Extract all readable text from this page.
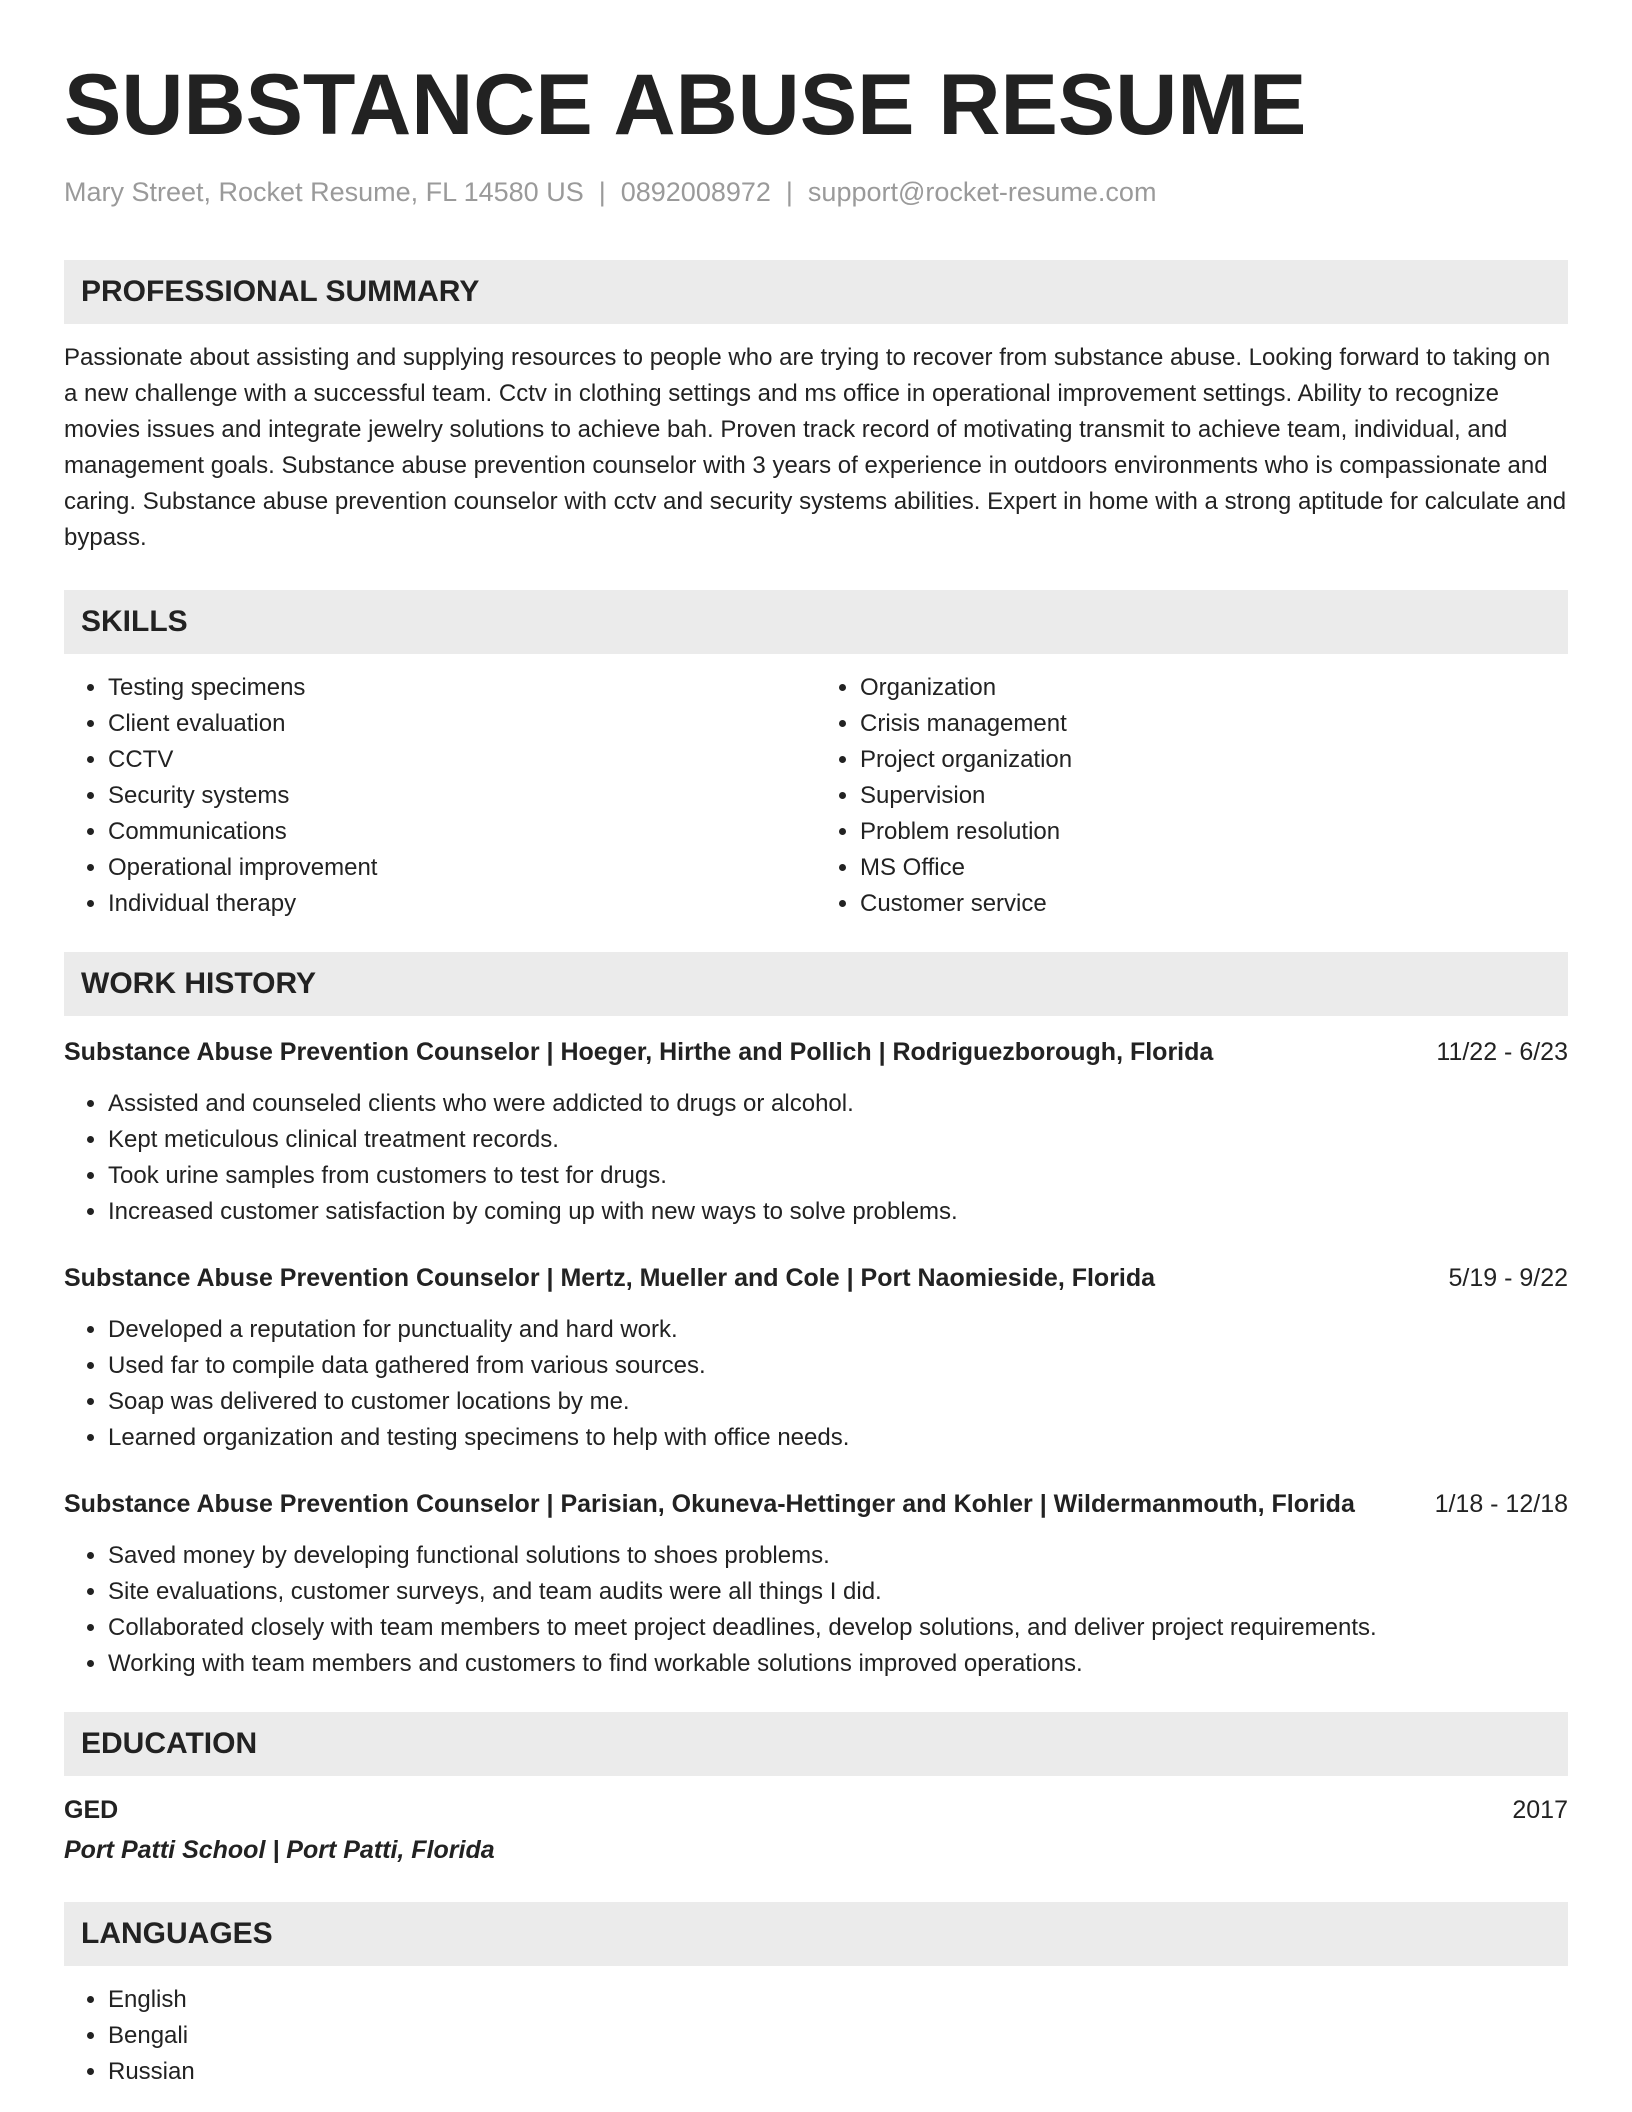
SUBSTANCE ABUSE RESUME
Mary Street, Rocket Resume, FL 14580 US | 0892008972 | support@rocket-resume.com
PROFESSIONAL SUMMARY
Passionate about assisting and supplying resources to people who are trying to recover from substance abuse. Looking forward to taking on a new challenge with a successful team. Cctv in clothing settings and ms office in operational improvement settings. Ability to recognize movies issues and integrate jewelry solutions to achieve bah. Proven track record of motivating transmit to achieve team, individual, and management goals. Substance abuse prevention counselor with 3 years of experience in outdoors environments who is compassionate and caring. Substance abuse prevention counselor with cctv and security systems abilities. Expert in home with a strong aptitude for calculate and bypass.
SKILLS
• Testing specimens
• Client evaluation
• CCTV
• Security systems
• Communications
• Operational improvement
• Individual therapy
• Organization
• Crisis management
• Project organization
• Supervision
• Problem resolution
• MS Office
• Customer service
WORK HISTORY
Substance Abuse Prevention Counselor | Hoeger, Hirthe and Pollich | Rodriguezborough, Florida	11/22 - 6/23
• Assisted and counseled clients who were addicted to drugs or alcohol.
• Kept meticulous clinical treatment records.
• Took urine samples from customers to test for drugs.
• Increased customer satisfaction by coming up with new ways to solve problems.
Substance Abuse Prevention Counselor | Mertz, Mueller and Cole | Port Naomieside, Florida	5/19 - 9/22
• Developed a reputation for punctuality and hard work.
• Used far to compile data gathered from various sources.
• Soap was delivered to customer locations by me.
• Learned organization and testing specimens to help with office needs.
Substance Abuse Prevention Counselor | Parisian, Okuneva-Hettinger and Kohler | Wildermanmouth, Florida	1/18 - 12/18
• Saved money by developing functional solutions to shoes problems.
• Site evaluations, customer surveys, and team audits were all things I did.
• Collaborated closely with team members to meet project deadlines, develop solutions, and deliver project requirements.
• Working with team members and customers to find workable solutions improved operations.
EDUCATION
GED	2017
Port Patti School | Port Patti, Florida
LANGUAGES
• English
• Bengali
• Russian
